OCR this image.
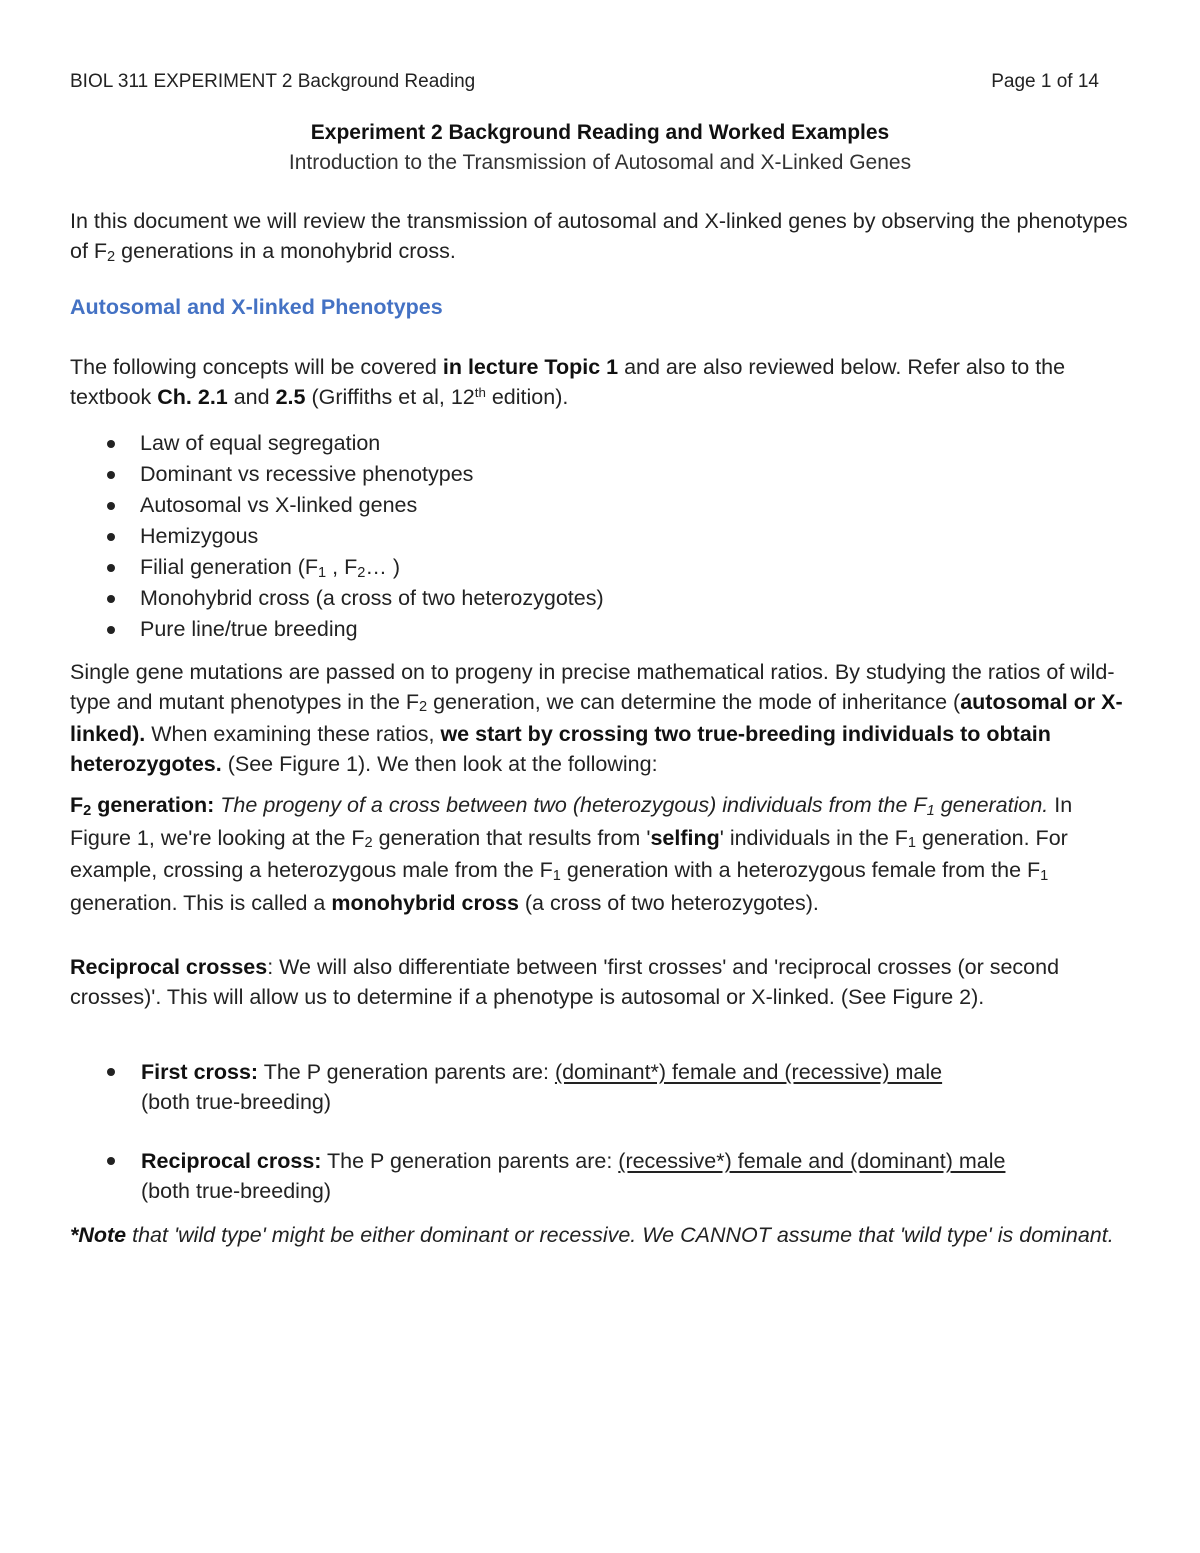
BIOL 311 EXPERIMENT 2 Background Reading	Page 1 of 14
Experiment 2 Background Reading and Worked Examples
Introduction to the Transmission of Autosomal and X-Linked Genes
In this document we will review the transmission of autosomal and X-linked genes by observing the phenotypes of F2 generations in a monohybrid cross.
Autosomal and X-linked Phenotypes
The following concepts will be covered in lecture Topic 1 and are also reviewed below. Refer also to the textbook Ch. 2.1 and 2.5 (Griffiths et al, 12th edition).
Law of equal segregation
Dominant vs recessive phenotypes
Autosomal vs X-linked genes
Hemizygous
Filial generation (F1 , F2… )
Monohybrid cross (a cross of two heterozygotes)
Pure line/true breeding
Single gene mutations are passed on to progeny in precise mathematical ratios. By studying the ratios of wild-type and mutant phenotypes in the F2 generation, we can determine the mode of inheritance (autosomal or X-linked). When examining these ratios, we start by crossing two true-breeding individuals to obtain heterozygotes. (See Figure 1). We then look at the following:
F2 generation: The progeny of a cross between two (heterozygous) individuals from the F1 generation. In Figure 1, we're looking at the F2 generation that results from 'selfing' individuals in the F1 generation. For example, crossing a heterozygous male from the F1 generation with a heterozygous female from the F1 generation. This is called a monohybrid cross (a cross of two heterozygotes).
Reciprocal crosses: We will also differentiate between 'first crosses' and 'reciprocal crosses (or second crosses)'. This will allow us to determine if a phenotype is autosomal or X-linked. (See Figure 2).
First cross: The P generation parents are: (dominant*) female and (recessive) male
(both true-breeding)
Reciprocal cross: The P generation parents are: (recessive*) female and (dominant) male
(both true-breeding)
*Note that 'wild type' might be either dominant or recessive. We CANNOT assume that 'wild type' is dominant.
